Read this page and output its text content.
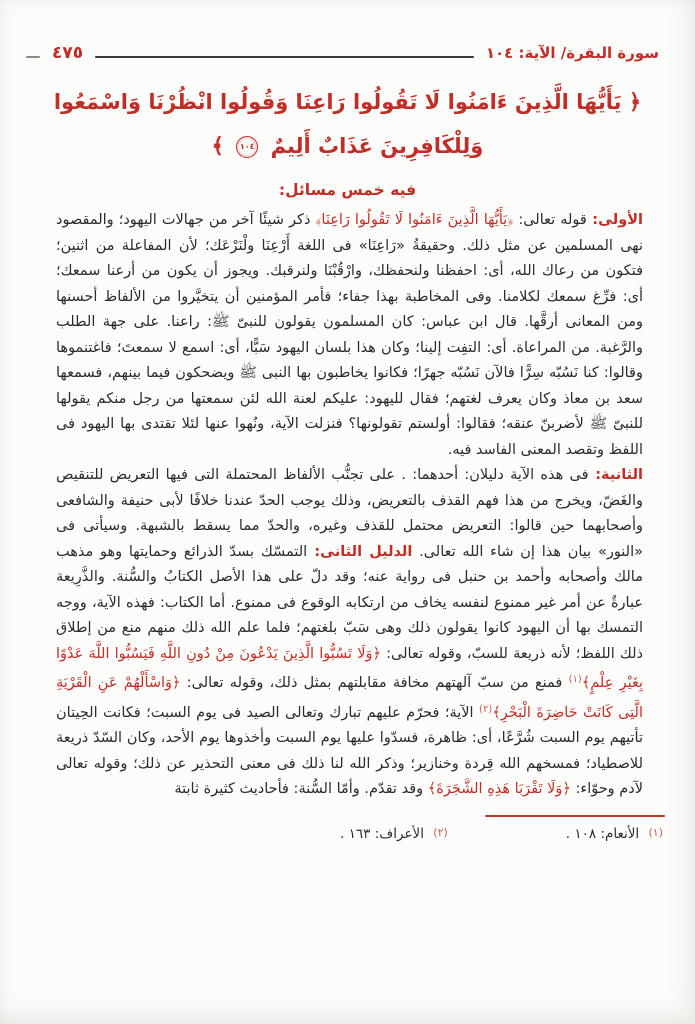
سورة البقرة/ الآية: ١٠٤
٤٧٥
﴿ يَأَيُّهَا الَّذِينَ ءَامَنُوا لَا تَقُولُوا رَاعِنَا وَقُولُوا انْظُرْنَا وَاسْمَعُوا
وَلِلْكَافِرِينَ عَذَابٌ أَلِيمٌ ١٠٤ ﴾
فيه خمس مسائل:

الأولى: قوله تعالى: ﴿يَأَيُّهَا الَّذِينَ ءَامَنُوا لَا تَقُولُوا رَاعِنَا﴾ ذكر شيئًا آخر من جهالات اليهود؛ والمقصود نهى المسلمين عن مثل ذلك. وحقيقةُ «رَاعِنَا» فى اللغة أَرْعِنَا ولْنَرْعَك؛ لأن المفاعلة من اثنين؛ فتكون من رعاك الله، أى: احفظنا ولنحفظك، وارْقُبْنَا ولنرقبك. ويجوز أن يكون من أرعنا سمعك؛ أى: فرِّغ سمعك لكلامنا. وفى المخاطبة بهذا جفاء؛ فأمر المؤمنين أن يتخيَّروا من الألفاظ أحسنها ومن المعانى أرقَّها. قال ابن عباس: كان المسلمون يقولون للنبىّ ﷺ: راعنا. على جهة الطلب والرَّغبة. من المراعاة. أى: التفِت إلينا؛ وكان هذا بلسان اليهود سَبًّا، أى: اسمع لا سمعتَ؛ فاغتنموها وقالوا: كنا نَسُبّه سِرًّا فالآن نَسُبّه جهرًا؛ فكانوا يخاطبون بها النبى ﷺ ويضحكون فيما بينهم، فسمعها سعد بن معاذ وكان يعرف لغتهم؛ فقال لليهود: عليكم لعنة الله لئن سمعتها من رجل منكم يقولها للنبىّ ﷺ لأضربنّ عنقه؛ فقالوا: أولستم تقولونها؟ فنزلت الآية، ونُهوا عنها لئلا تقتدى بها اليهود فى اللفظ وتقصد المعنى الفاسد فيه.

الثانية: فى هذه الآية دليلان: أحدهما: . على تجنُّب الألفاظ المحتملة التى فيها التعريض للتنقيص والغَضّ، ويخرج من هذا فهم القذف بالتعريض، وذلك يوجب الحدّ عندنا خلافًا لأبى حنيفة والشافعى وأصحابهما حين قالوا: التعريض محتمل للقذف وغيره، والحدّ مما يسقط بالشبهة. وسيأتى فى «النور» بيان هذا إن شاء الله تعالى. الدليل الثانى: التمسّك بسدّ الذرائع وحمايتها وهو مذهب مالك وأصحابه وأحمد بن حنبل فى رواية عنه؛ وقد دلّ على هذا الأصل الكتابُ والسُّنة. والذَّرِيعة عبارةٌ عن أمر غير ممنوع لنفسه يخاف من ارتكابه الوقوع فى ممنوع. أما الكتاب: فهذه الآية، ووجه التمسك بها أن اليهود كانوا يقولون ذلك وهى سَبّ بلغتهم؛ فلما علم الله ذلك منهم منع من إطلاق ذلك اللفظ؛ لأنه ذريعة للسبّ، وقوله تعالى: ﴿وَلَا تَسُبُّوا الَّذِينَ يَدْعُونَ مِنْ دُونِ اللَّهِ فَيَسُبُّوا اللَّهَ عَدْوًا بِغَيْرِ عِلْمٍ﴾$^{(١)}$ فمنع من سبّ آلهتهم مخافة مقابلتهم بمثل ذلك، وقوله تعالى: ﴿وَاسْأَلْهُمْ عَنِ الْقَرْيَةِ الَّتِى كَانَتْ حَاضِرَةَ الْبَحْرِ﴾$^{(٢)}$ الآية؛ فحرّم عليهم تبارك وتعالى الصيد فى يوم السبت؛ فكانت الحِيتان تأتيهم يوم السبت شُرَّعًا، أى: ظاهرة، فسدّوا عليها يوم السبت وأخذوها يوم الأحد، وكان السّدّ ذريعة للاصطياد؛ فمسخهم الله قِردة وخنازير؛ وذكر الله لنا ذلك فى معنى التحذير عن ذلك؛ وقوله تعالى لآدم وحوّاء: ﴿وَلَا تَقْرَبَا هَذِهِ الشَّجَرَةَ﴾ وقد تقدّم. وأمّا السُّنة: فأحاديث كثيرة ثابتة

(١) الأنعام: ١٠٨ .
(٢) الأعراف: ١٦٣ .
